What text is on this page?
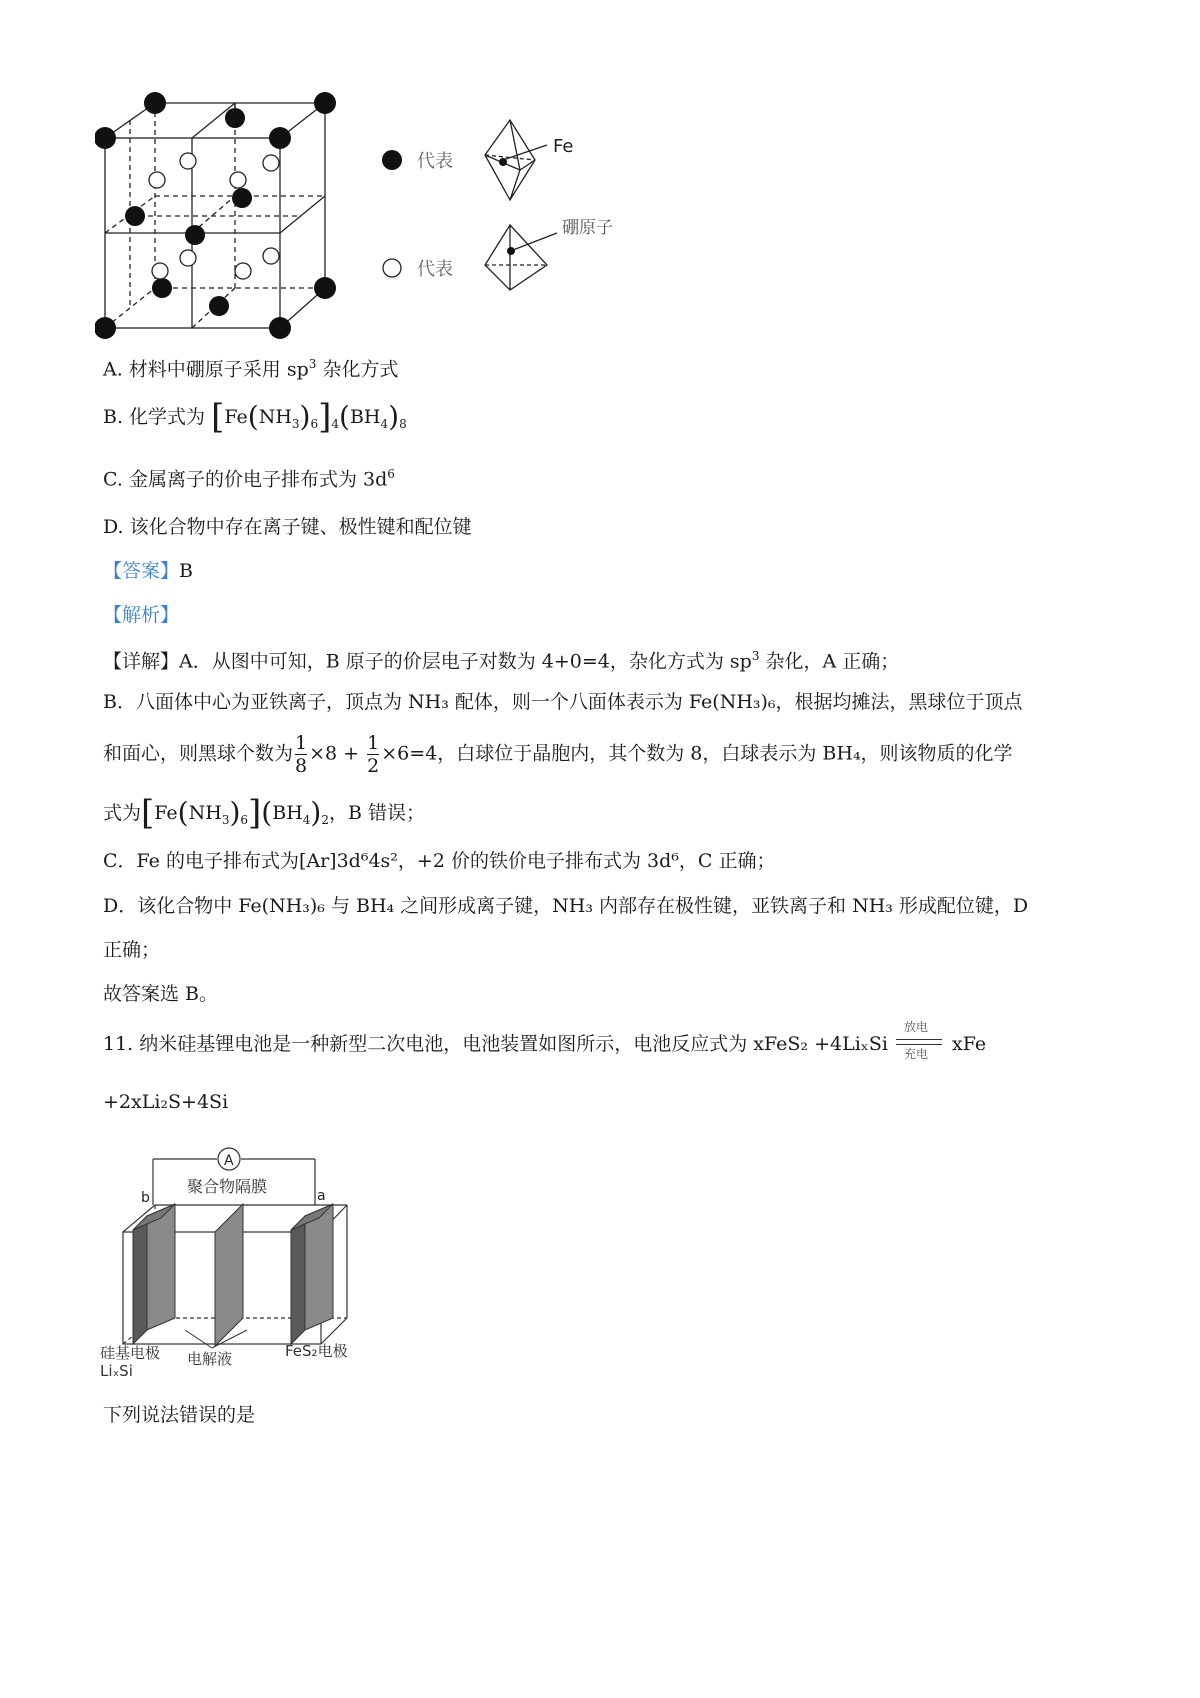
代表
Fe
代表
硼原子
A. 材料中硼原子采用 $sp^3$ 杂化方式
B. 化学式为 $[Fe(NH_3)_6]_4(BH_4)_8$
C. 金属离子的价电子排布式为 $3d^6$
D. 该化合物中存在离子键、极性键和配位键
【答案】B
【解析】
【详解】A．从图中可知，B 原子的价层电子对数为 4+0=4，杂化方式为 $sp^3$ 杂化，A 正确；
B．八面体中心为亚铁离子，顶点为 NH₃ 配体，则一个八面体表示为 Fe(NH₃)₆，根据均摊法，黑球位于顶点
和面心，则黑球个数为 $\frac{1}{8} \times 8 + \frac{1}{2} \times 6=4$，白球位于晶胞内，其个数为 8，白球表示为 BH₄，则该物质的化学
式为$[Fe(NH_3)_6](BH_4)_2$，B 错误；
C．Fe 的电子排布式为[Ar]3d⁶4s²，+2 价的铁价电子排布式为 3d⁶，C 正确；
D．该化合物中 Fe(NH₃)₆ 与 BH₄ 之间形成离子键，NH₃ 内部存在极性键，亚铁离子和 NH₃ 形成配位键，D
正确；
故答案选 B。
11. 纳米硅基锂电池是一种新型二次电池，电池装置如图所示，电池反应式为 xFeS₂ +4LiₓSi
放电
充电 xFe
+2xLi₂S+4Si
A
聚合物隔膜
b	a
硅基电极
LiₓSi
电解液	FeS₂电极
下列说法错误的是
